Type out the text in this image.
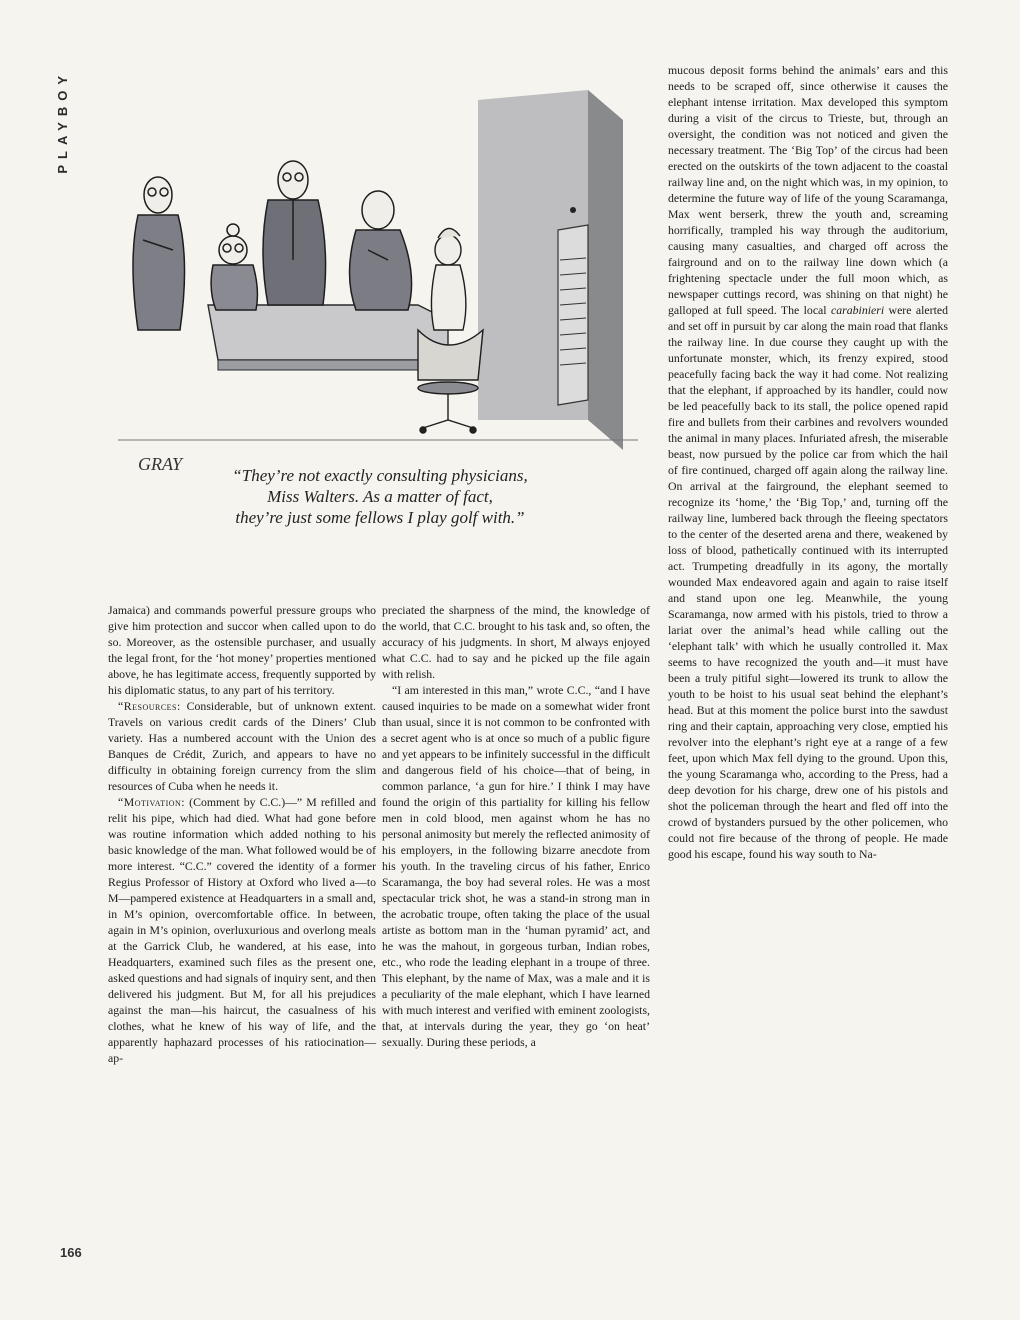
PLAYBOY
GRAY
“They’re not exactly consulting physicians,
Miss Walters. As a matter of fact,
they’re just some fellows I play golf with.”

Jamaica) and commands powerful pressure groups who give him protection and succor when called upon to do so. Moreover, as the ostensible purchaser, and usually the legal front, for the ‘hot money’ properties mentioned above, he has legitimate access, frequently supported by his diplomatic status, to any part of his territory.

“Resources: Considerable, but of unknown extent. Travels on various credit cards of the Diners’ Club variety. Has a numbered account with the Union des Banques de Crédit, Zurich, and appears to have no difficulty in obtaining foreign currency from the slim resources of Cuba when he needs it.

“Motivation: (Comment by C.C.)—” M refilled and relit his pipe, which had died. What had gone before was routine information which added nothing to his basic knowledge of the man. What followed would be of more interest. “C.C.” covered the identity of a former Regius Professor of History at Oxford who lived a—to M—pampered existence at Headquarters in a small and, in M’s opinion, overcomfortable office. In between, again in M’s opinion, overluxurious and overlong meals at the Garrick Club, he wandered, at his ease, into Headquarters, examined such files as the present one, asked questions and had signals of inquiry sent, and then delivered his judgment. But M, for all his prejudices against the man—his haircut, the casualness of his clothes, what he knew of his way of life, and the apparently haphazard processes of his ratiocination—ap-

preciated the sharpness of the mind, the knowledge of the world, that C.C. brought to his task and, so often, the accuracy of his judgments. In short, M always enjoyed what C.C. had to say and he picked up the file again with relish.

“I am interested in this man,” wrote C.C., “and I have caused inquiries to be made on a somewhat wider front than usual, since it is not common to be confronted with a secret agent who is at once so much of a public figure and yet appears to be infinitely successful in the difficult and dangerous field of his choice—that of being, in common parlance, ‘a gun for hire.’ I think I may have found the origin of this partiality for killing his fellow men in cold blood, men against whom he has no personal animosity but merely the reflected animosity of his employers, in the following bizarre anecdote from his youth. In the traveling circus of his father, Enrico Scaramanga, the boy had several roles. He was a most spectacular trick shot, he was a stand-in strong man in the acrobatic troupe, often taking the place of the usual artiste as bottom man in the ‘human pyramid’ act, and he was the mahout, in gorgeous turban, Indian robes, etc., who rode the leading elephant in a troupe of three. This elephant, by the name of Max, was a male and it is a peculiarity of the male elephant, which I have learned with much interest and verified with eminent zoologists, that, at intervals during the year, they go ‘on heat’ sexually. During these periods, a

mucous deposit forms behind the animals’ ears and this needs to be scraped off, since otherwise it causes the elephant intense irritation. Max developed this symptom during a visit of the circus to Trieste, but, through an oversight, the condition was not noticed and given the necessary treatment. The ‘Big Top’ of the circus had been erected on the outskirts of the town adjacent to the coastal railway line and, on the night which was, in my opinion, to determine the future way of life of the young Scaramanga, Max went berserk, threw the youth and, screaming horrifically, trampled his way through the auditorium, causing many casualties, and charged off across the fairground and on to the railway line down which (a frightening spectacle under the full moon which, as newspaper cuttings record, was shining on that night) he galloped at full speed. The local carabinieri were alerted and set off in pursuit by car along the main road that flanks the railway line. In due course they caught up with the unfortunate monster, which, its frenzy expired, stood peacefully facing back the way it had come. Not realizing that the elephant, if approached by its handler, could now be led peacefully back to its stall, the police opened rapid fire and bullets from their carbines and revolvers wounded the animal in many places. Infuriated afresh, the miserable beast, now pursued by the police car from which the hail of fire continued, charged off again along the railway line. On arrival at the fairground, the elephant seemed to recognize its ‘home,’ the ‘Big Top,’ and, turning off the railway line, lumbered back through the fleeing spectators to the center of the deserted arena and there, weakened by loss of blood, pathetically continued with its interrupted act. Trumpeting dreadfully in its agony, the mortally wounded Max endeavored again and again to raise itself and stand upon one leg. Meanwhile, the young Scaramanga, now armed with his pistols, tried to throw a lariat over the animal’s head while calling out the ‘elephant talk’ with which he usually controlled it. Max seems to have recognized the youth and—it must have been a truly pitiful sight—lowered its trunk to allow the youth to be hoist to his usual seat behind the elephant’s head. But at this moment the police burst into the sawdust ring and their captain, approaching very close, emptied his revolver into the elephant’s right eye at a range of a few feet, upon which Max fell dying to the ground. Upon this, the young Scaramanga who, according to the Press, had a deep devotion for his charge, drew one of his pistols and shot the policeman through the heart and fled off into the crowd of bystanders pursued by the other policemen, who could not fire because of the throng of people. He made good his escape, found his way south to Na-

166
